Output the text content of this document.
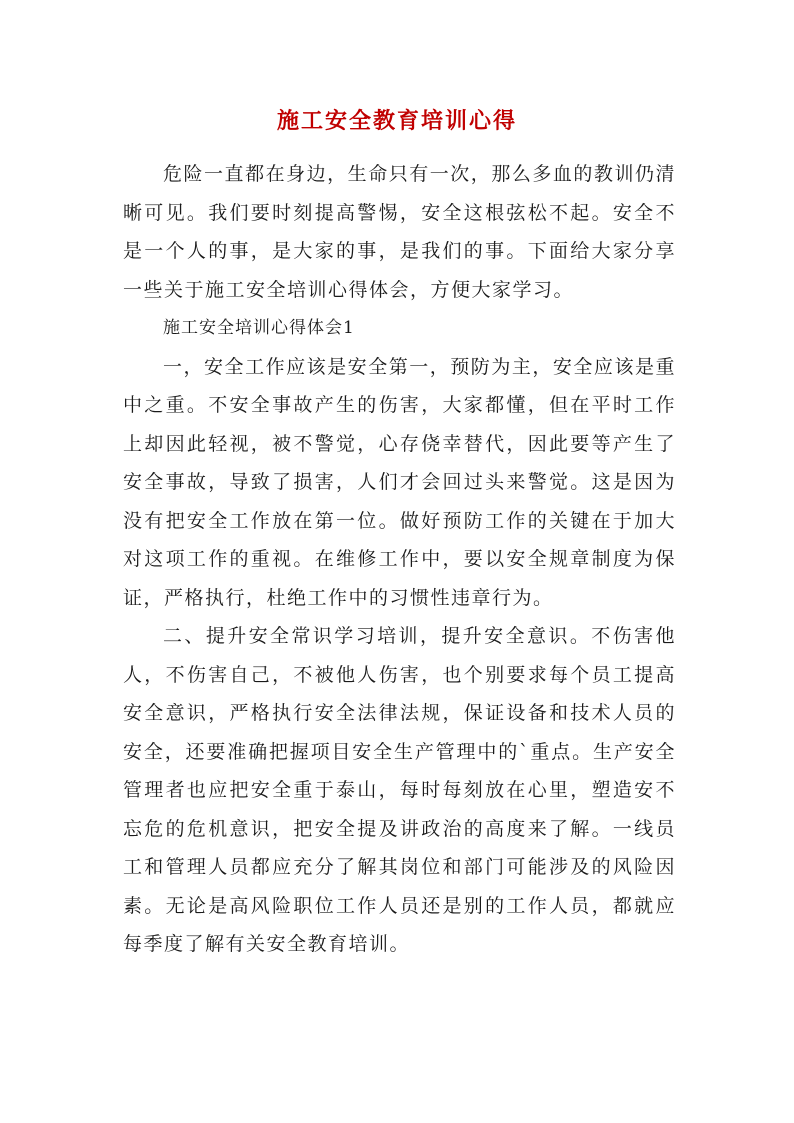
施工安全教育培训心得

危险一直都在身边，生命只有一次，那么多血的教训仍清晰可见。我们要时刻提高警惕，安全这根弦松不起。安全不是一个人的事，是大家的事，是我们的事。下面给大家分享一些关于施工安全培训心得体会，方便大家学习。

施工安全培训心得体会1

一，安全工作应该是安全第一，预防为主，安全应该是重中之重。不安全事故产生的伤害，大家都懂，但在平时工作上却因此轻视，被不警觉，心存侥幸替代，因此要等产生了安全事故，导致了损害，人们才会回过头来警觉。这是因为没有把安全工作放在第一位。做好预防工作的关键在于加大对这项工作的重视。在维修工作中，要以安全规章制度为保证，严格执行，杜绝工作中的习惯性违章行为。

二、提升安全常识学习培训，提升安全意识。不伤害他人，不伤害自己，不被他人伤害，也个别要求每个员工提高安全意识，严格执行安全法律法规，保证设备和技术人员的安全，还要准确把握项目安全生产管理中的`重点。生产安全管理者也应把安全重于泰山，每时每刻放在心里，塑造安不忘危的危机意识，把安全提及讲政治的高度来了解。一线员工和管理人员都应充分了解其岗位和部门可能涉及的风险因素。无论是高风险职位工作人员还是别的工作人员，都就应每季度了解有关安全教育培训。
